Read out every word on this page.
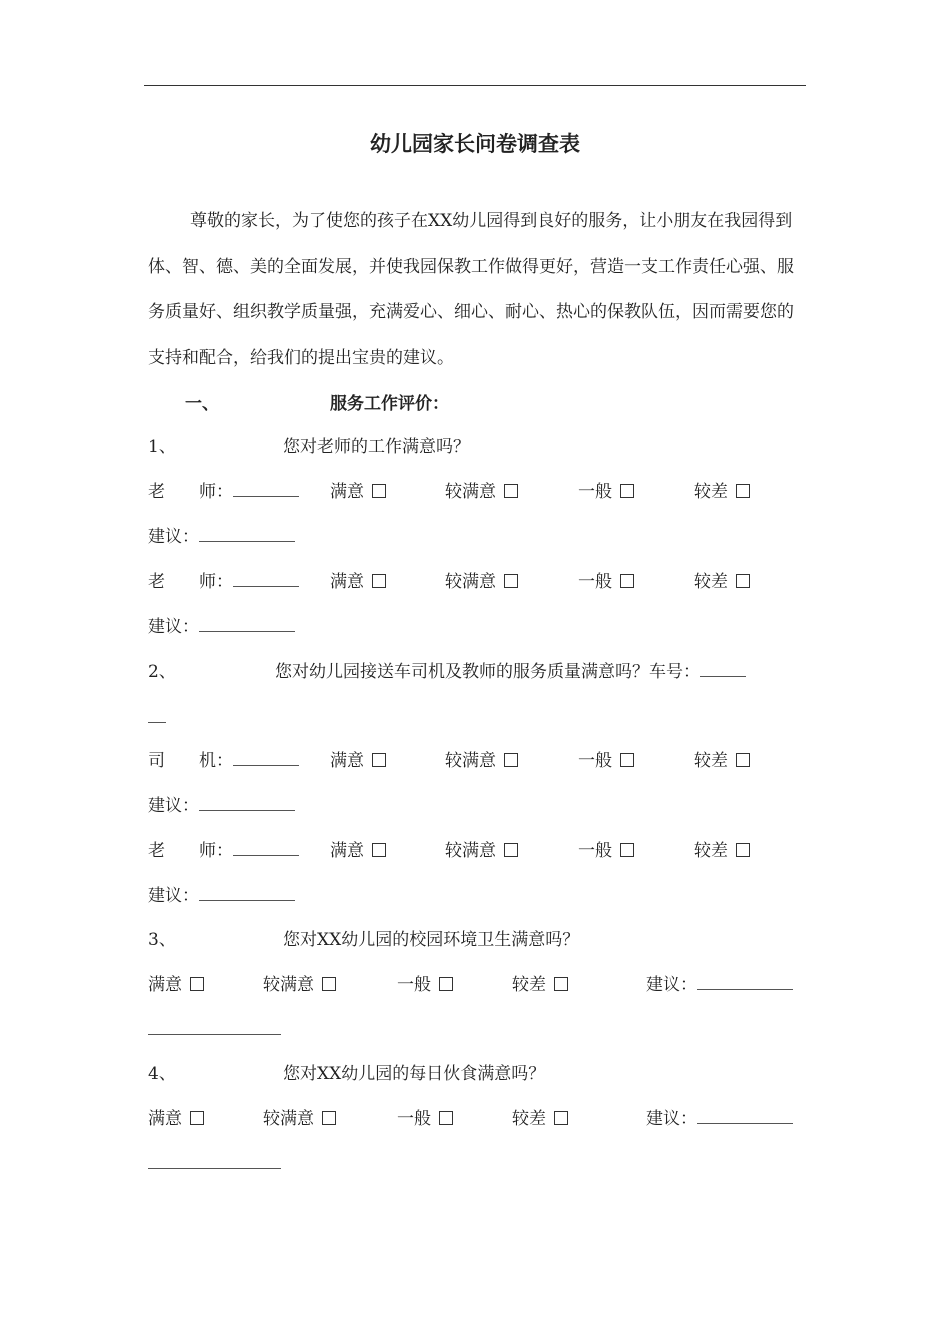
幼儿园家长问卷调查表
尊敬的家长，为了使您的孩子在XX幼儿园得到良好的服务，让小朋友在我园得到体、智、德、美的全面发展，并使我园保教工作做得更好，营造一支工作责任心强、服务质量好、组织教学质量强，充满爱心、细心、耐心、热心的保教队伍，因而需要您的支持和配合，给我们的提出宝贵的建议。
一、	服务工作评价：
1、	您对老师的工作满意吗？
老　　师：	满意	较满意	一般	较差
建议：
老　　师：	满意	较满意	一般	较差
建议：
2、	您对幼儿园接送车司机及教师的服务质量满意吗？车号：
司　　机：	满意	较满意	一般	较差
建议：
老　　师：	满意	较满意	一般	较差
建议：
3、	您对XX幼儿园的校园环境卫生满意吗？
满意	较满意	一般	较差	建议：
4、	您对XX幼儿园的每日伙食满意吗？
满意	较满意	一般	较差	建议：
